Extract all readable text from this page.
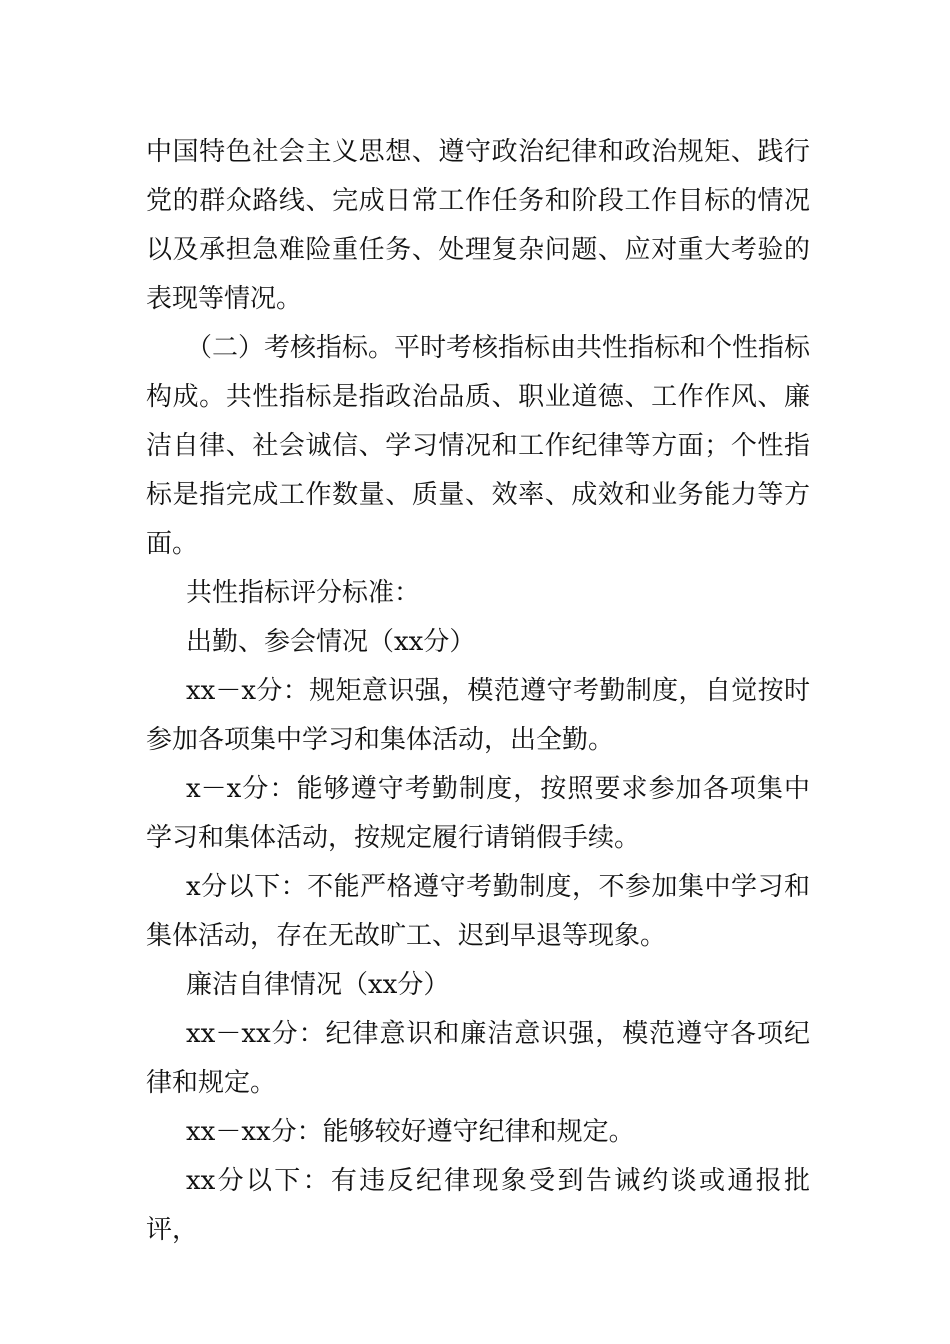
中国特色社会主义思想、遵守政治纪律和政治规矩、践行党的群众路线、完成日常工作任务和阶段工作目标的情况以及承担急难险重任务、处理复杂问题、应对重大考验的表现等情况。

（二）考核指标。平时考核指标由共性指标和个性指标构成。共性指标是指政治品质、职业道德、工作作风、廉洁自律、社会诚信、学习情况和工作纪律等方面；个性指标是指完成工作数量、质量、效率、成效和业务能力等方面。

共性指标评分标准：

出勤、参会情况（xx分）

xx－x分：规矩意识强，模范遵守考勤制度，自觉按时参加各项集中学习和集体活动，出全勤。

x－x分：能够遵守考勤制度，按照要求参加各项集中学习和集体活动，按规定履行请销假手续。

x分以下：不能严格遵守考勤制度，不参加集中学习和集体活动，存在无故旷工、迟到早退等现象。

廉洁自律情况（xx分）

xx－xx分：纪律意识和廉洁意识强，模范遵守各项纪律和规定。

xx－xx分：能够较好遵守纪律和规定。

xx分以下：有违反纪律现象受到告诫约谈或通报批评，
